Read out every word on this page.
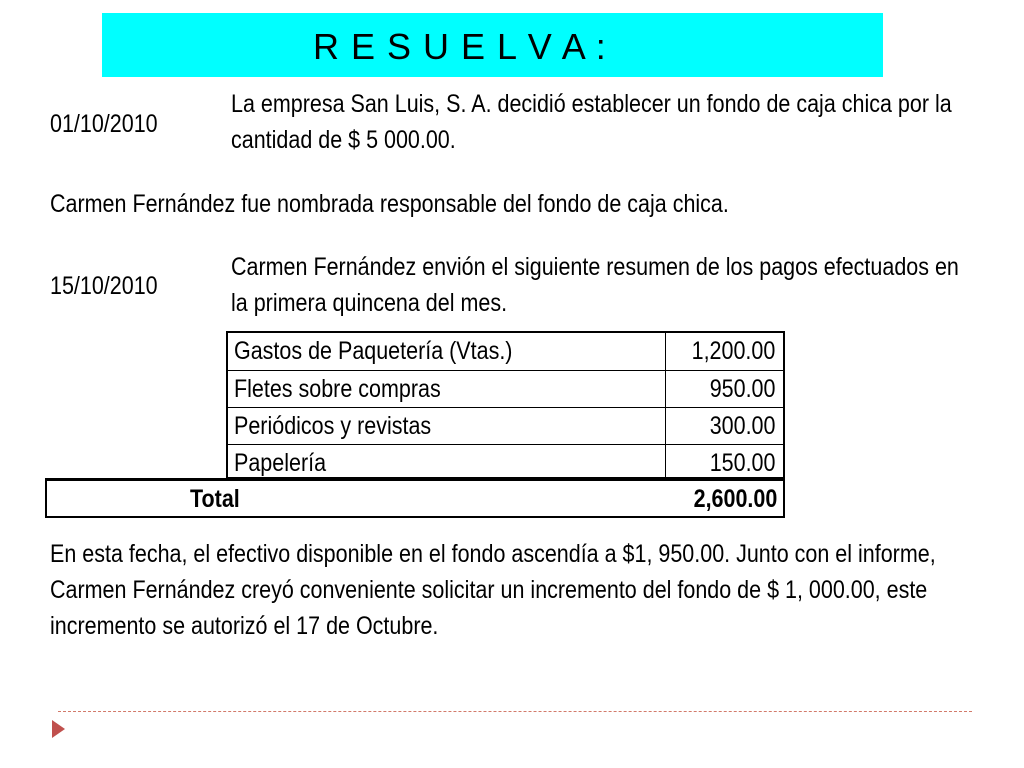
R E S U E L V A :
01/10/2010
La empresa San Luis, S. A. decidió establecer un fondo de caja chica por la
cantidad de $ 5 000.00.
Carmen Fernández fue nombrada responsable del fondo de caja chica.
15/10/2010
Carmen Fernández envión el siguiente resumen de los pagos efectuados en
la primera quincena del mes.
Gastos de Paquetería (Vtas.)	1,200.00
Fletes sobre compras	950.00
Periódicos y revistas	300.00
Papelería	150.00
Total	2,600.00
En esta fecha, el efectivo disponible en el fondo ascendía a $1, 950.00. Junto con el informe,
Carmen Fernández creyó conveniente solicitar un incremento del fondo de $ 1, 000.00, este
incremento se autorizó el 17 de Octubre.
